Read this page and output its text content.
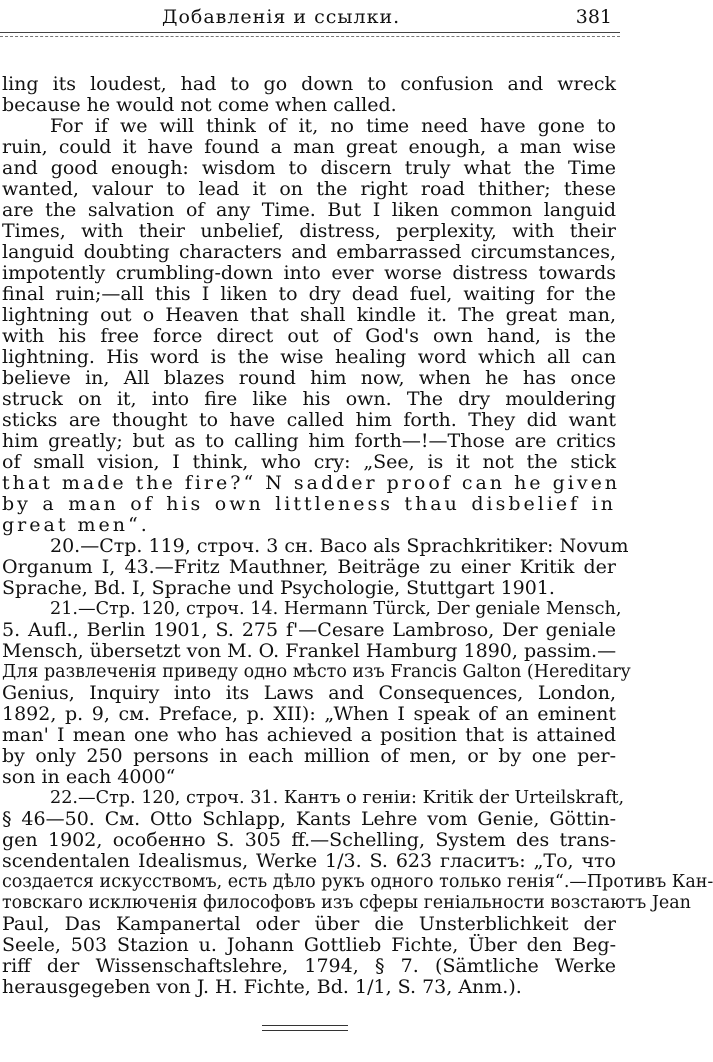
Добавленія и ссылки.	381
ling its loudest, had to go down to confusion and wreck
because he would not come when called.
For if we will think of it, no time need have gone to
ruin, could it have found a man great enough, a man wise
and good enough: wisdom to discern truly what the Time
wanted, valour to lead it on the right road thither; these
are the salvation of any Time. But I liken common languid
Times, with their unbelief, distress, perplexity, with their
languid doubting characters and embarrassed circumstances,
impotently crumbling-down into ever worse distress towards
final ruin;—all this I liken to dry dead fuel, waiting for the
lightning out o Heaven that shall kindle it. The great man,
with his free force direct out of God's own hand, is the
lightning. His word is the wise healing word which all can
believe in, All blazes round him now, when he has once
struck on it, into fire like his own. The dry mouldering
sticks are thought to have called him forth. They did want
him greatly; but as to calling him forth—!—Those are critics
of small vision, I think, who cry: „See, is it not the stick
that made the fire?“ N sadder proof can he given
by a man of his own littleness thau disbelief in
great men“.
20.—Стр. 119, строч. 3 сн. Baco als Sprachkritiker: Novum
Organum I, 43.—Fritz Mauthner, Beiträge zu einer Kritik der
Sprache, Bd. I, Sprache und Psychologie, Stuttgart 1901.
21.—Стр. 120, строч. 14. Hermann Türck, Der geniale Mensch,
5. Aufl., Berlin 1901, S. 275 f'—Cesare Lambroso, Der geniale
Mensch, übersetzt von M. O. Frankel Hamburg 1890, passim.—
Для развлеченія приведу одно мѣсто изъ Francis Galton (Hereditary
Genius, Inquiry into its Laws and Consequences, London,
1892, p. 9, см. Preface, p. XII): „When I speak of an eminent
man' I mean one who has achieved a position that is attained
by only 250 persons in each million of men, or by one per-
son in each 4000“
22.—Стр. 120, строч. 31. Кантъ о геніи: Kritik der Urteilskraft,
§ 46—50. См. Otto Schlapp, Kants Lehre vom Genie, Göttin-
gen 1902, особенно S. 305 ff.—Schelling, System des trans-
scendentalen Idealismus, Werke 1/3. S. 623 гласитъ: „То, что
создается искусствомъ, есть дѣло рукъ одного только генія“.—Противъ Кан-
товскаго исключенія философовъ изъ сферы геніальности возстаютъ Jean
Paul, Das Kampanertal oder über die Unsterblichkeit der
Seele, 503 Stazion u. Johann Gottlieb Fichte, Über den Beg-
riff der Wissenschaftslehre, 1794, § 7. (Sämtliche Werke
herausgegeben von J. H. Fichte, Bd. 1/1, S. 73, Anm.).
